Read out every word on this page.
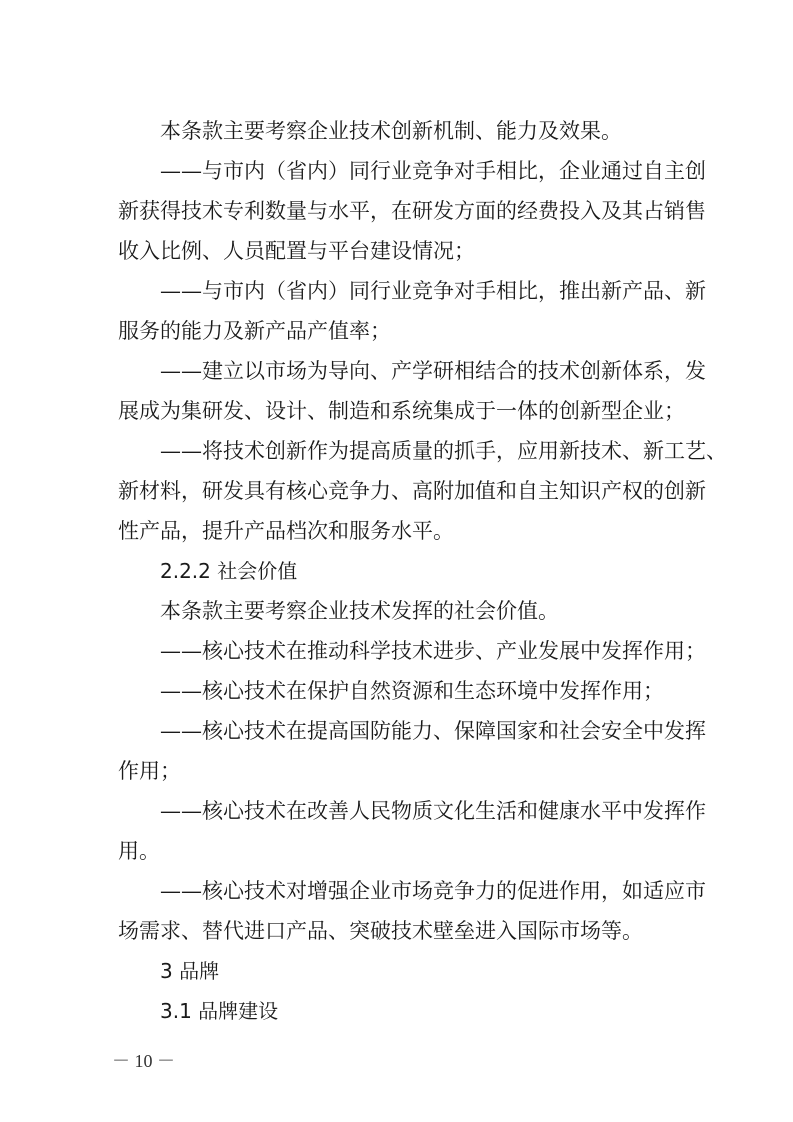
本条款主要考察企业技术创新机制、能力及效果。
——与市内（省内）同行业竞争对手相比，企业通过自主创
新获得技术专利数量与水平，在研发方面的经费投入及其占销售
收入比例、人员配置与平台建设情况；
——与市内（省内）同行业竞争对手相比，推出新产品、新
服务的能力及新产品产值率；
——建立以市场为导向、产学研相结合的技术创新体系，发
展成为集研发、设计、制造和系统集成于一体的创新型企业；
——将技术创新作为提高质量的抓手，应用新技术、新工艺、
新材料，研发具有核心竞争力、高附加值和自主知识产权的创新
性产品，提升产品档次和服务水平。
2.2.2 社会价值
本条款主要考察企业技术发挥的社会价值。
——核心技术在推动科学技术进步、产业发展中发挥作用；
——核心技术在保护自然资源和生态环境中发挥作用；
——核心技术在提高国防能力、保障国家和社会安全中发挥
作用；
——核心技术在改善人民物质文化生活和健康水平中发挥作
用。
——核心技术对增强企业市场竞争力的促进作用，如适应市
场需求、替代进口产品、突破技术壁垒进入国际市场等。
3 品牌
3.1 品牌建设
－ 10 －
